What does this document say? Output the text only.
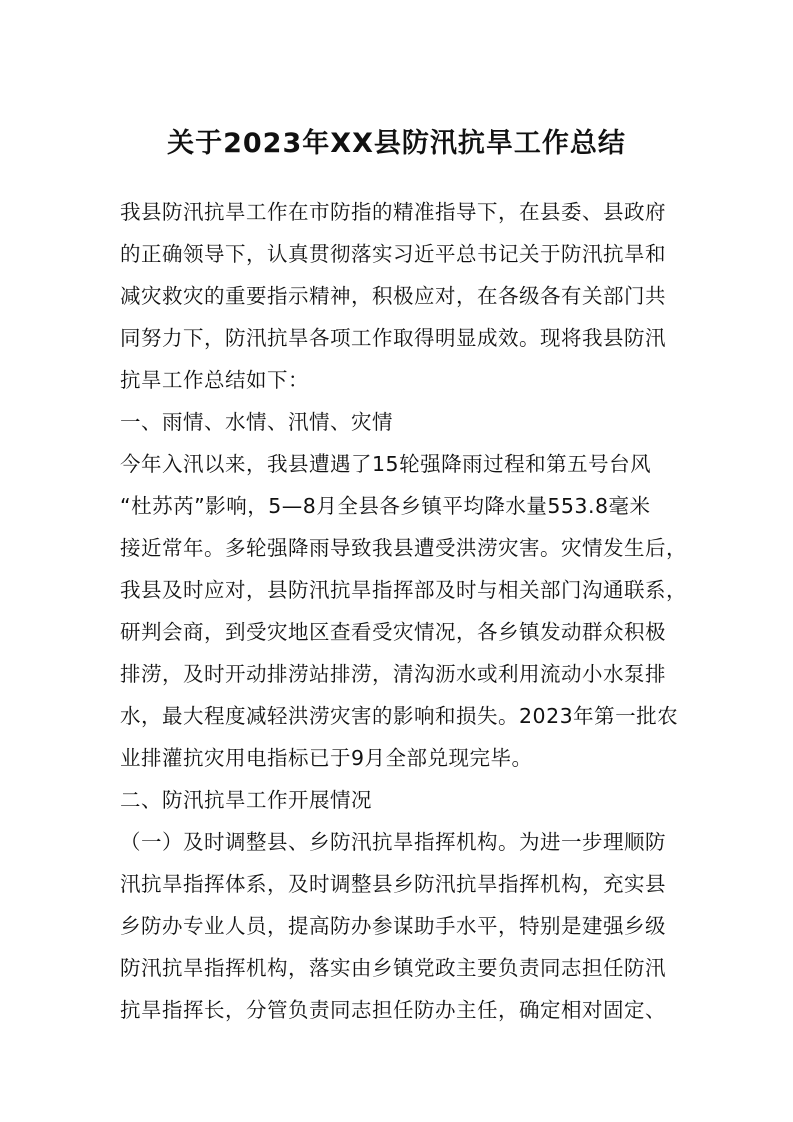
关于2023年XX县防汛抗旱工作总结
我县防汛抗旱工作在市防指的精准指导下，在县委、县政府
的正确领导下，认真贯彻落实习近平总书记关于防汛抗旱和
减灾救灾的重要指示精神，积极应对，在各级各有关部门共
同努力下，防汛抗旱各项工作取得明显成效。现将我县防汛
抗旱工作总结如下：
一、雨情、水情、汛情、灾情
今年入汛以来，我县遭遇了15轮强降雨过程和第五号台风
“杜苏芮”影响，5—8月全县各乡镇平均降水量553.8毫米
接近常年。多轮强降雨导致我县遭受洪涝灾害。灾情发生后，
我县及时应对，县防汛抗旱指挥部及时与相关部门沟通联系，
研判会商，到受灾地区查看受灾情况，各乡镇发动群众积极
排涝，及时开动排涝站排涝，清沟沥水或利用流动小水泵排
水，最大程度减轻洪涝灾害的影响和损失。2023年第一批农
业排灌抗灾用电指标已于9月全部兑现完毕。
二、防汛抗旱工作开展情况
（一）及时调整县、乡防汛抗旱指挥机构。为进一步理顺防
汛抗旱指挥体系，及时调整县乡防汛抗旱指挥机构，充实县
乡防办专业人员，提高防办参谋助手水平，特别是建强乡级
防汛抗旱指挥机构，落实由乡镇党政主要负责同志担任防汛
抗旱指挥长，分管负责同志担任防办主任，确定相对固定、
